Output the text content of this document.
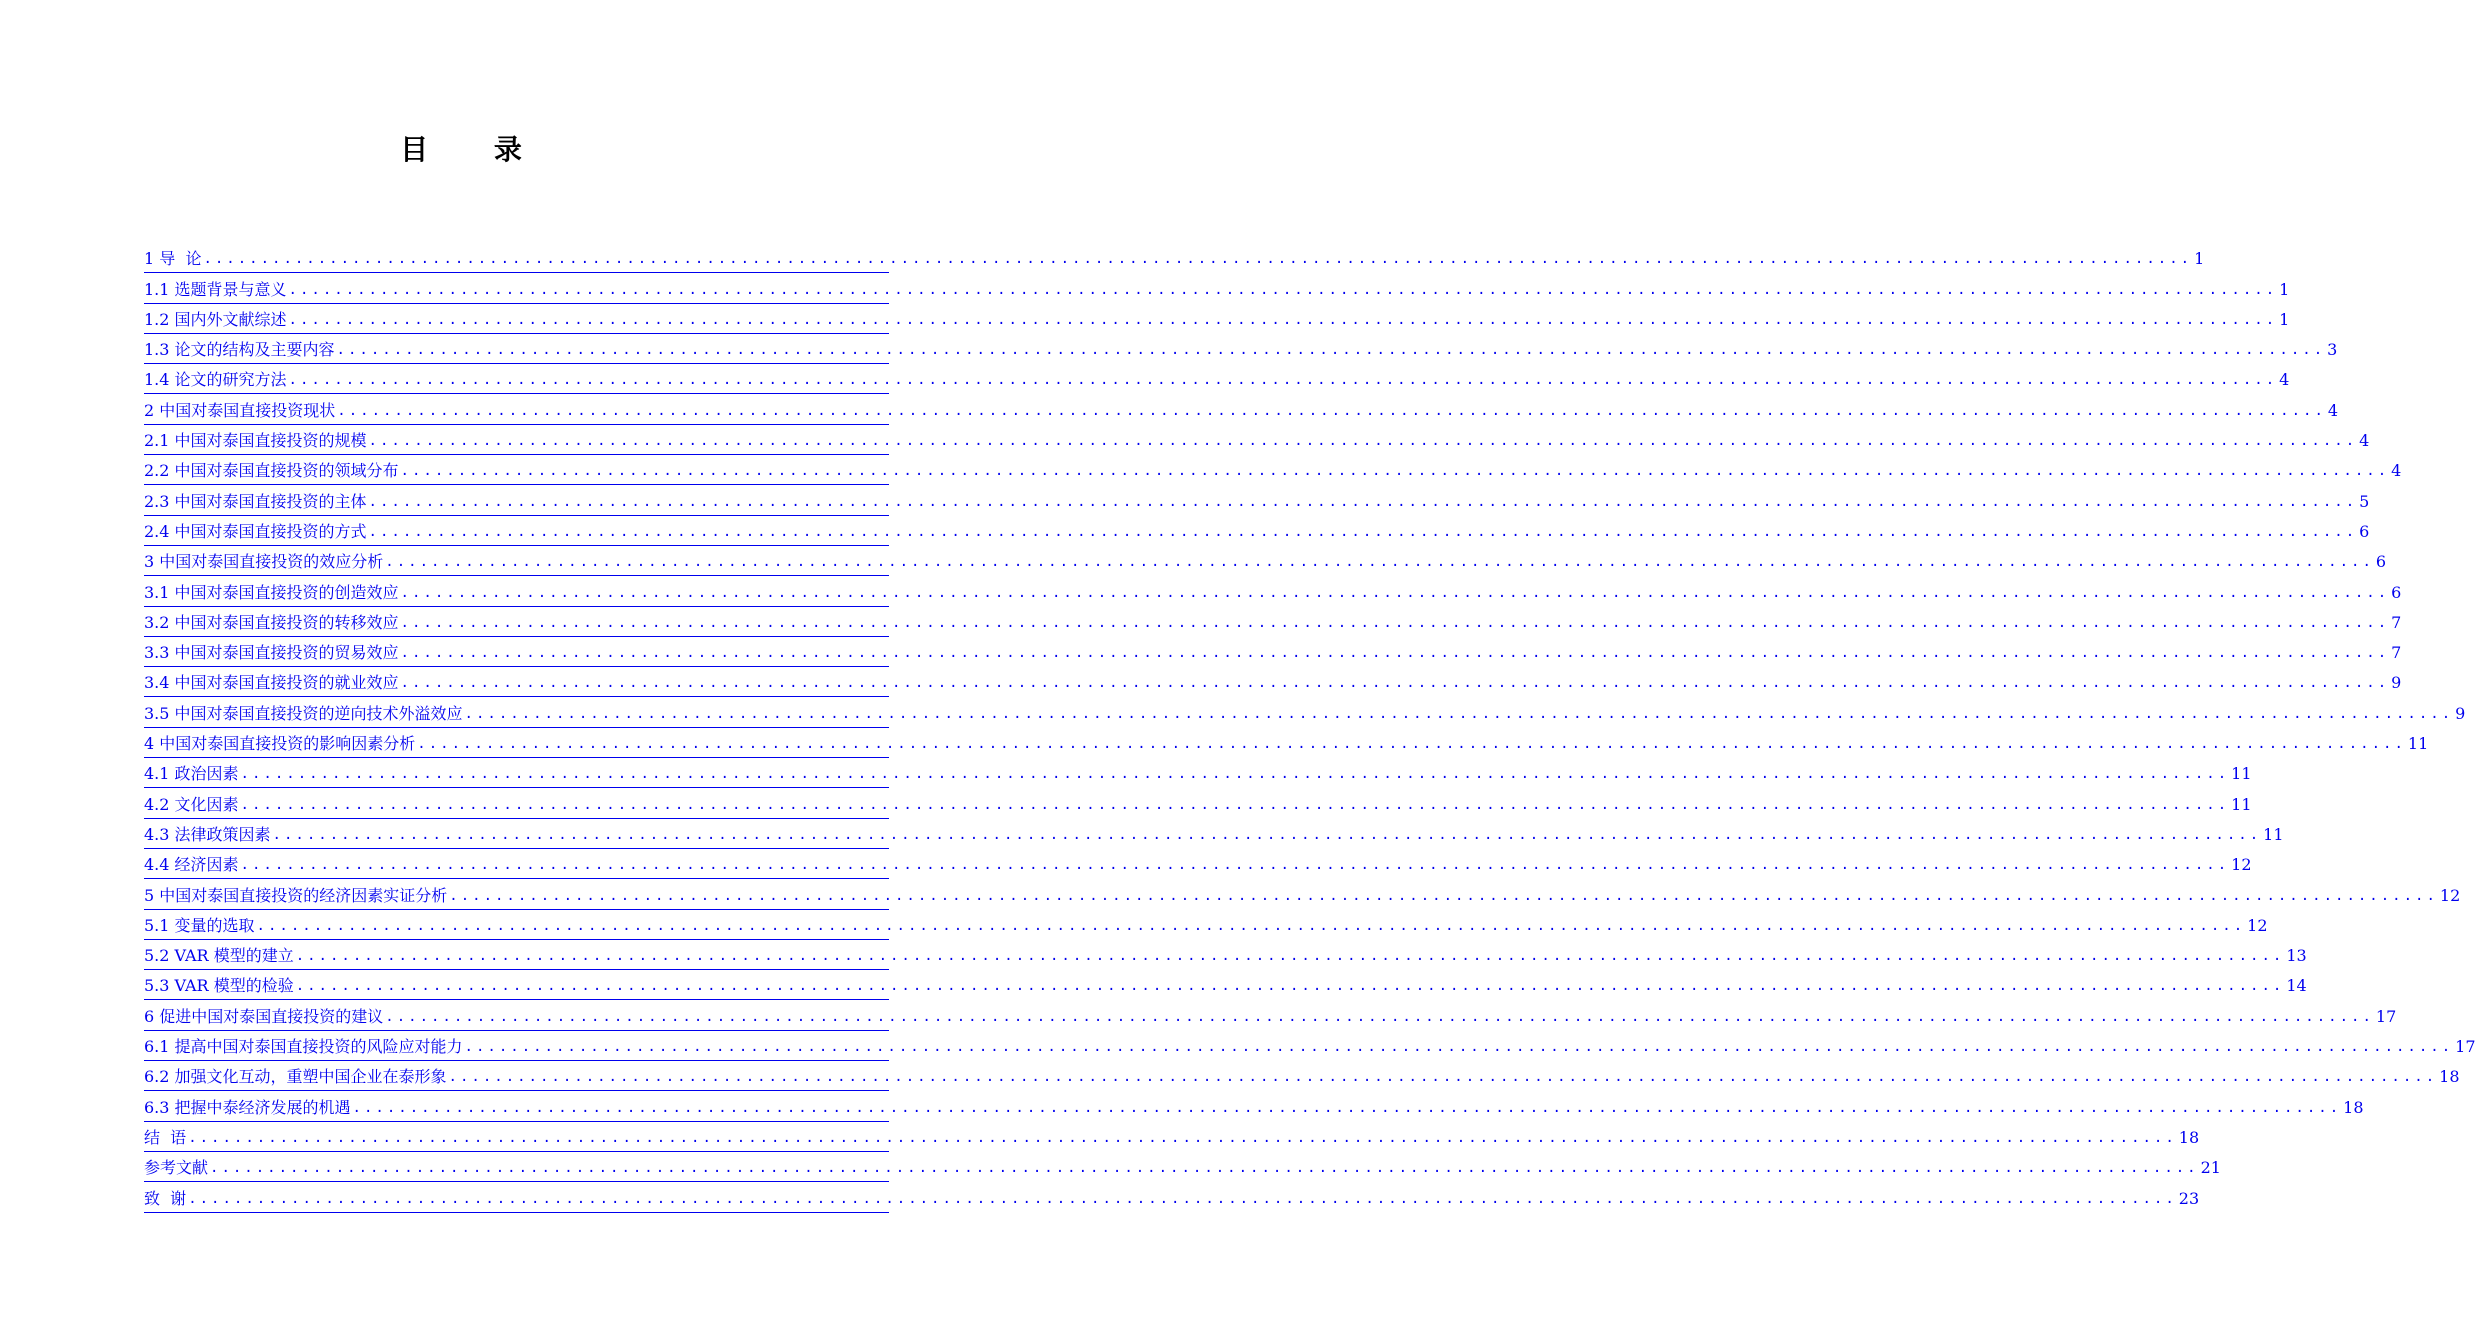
目 录
1 导  论 .............................................................................................................................................................................. 1
1.1 选题背景与意义 .............................................................................................................................................................................. 1
1.2 国内外文献综述 .............................................................................................................................................................................. 1
1.3 论文的结构及主要内容 .............................................................................................................................................................................. 3
1.4 论文的研究方法 .............................................................................................................................................................................. 4
2 中国对泰国直接投资现状 .............................................................................................................................................................................. 4
2.1 中国对泰国直接投资的规模 .............................................................................................................................................................................. 4
2.2 中国对泰国直接投资的领域分布 .............................................................................................................................................................................. 4
2.3 中国对泰国直接投资的主体 .............................................................................................................................................................................. 5
2.4 中国对泰国直接投资的方式 .............................................................................................................................................................................. 6
3 中国对泰国直接投资的效应分析 .............................................................................................................................................................................. 6
3.1 中国对泰国直接投资的创造效应 .............................................................................................................................................................................. 6
3.2 中国对泰国直接投资的转移效应 .............................................................................................................................................................................. 7
3.3 中国对泰国直接投资的贸易效应 .............................................................................................................................................................................. 7
3.4 中国对泰国直接投资的就业效应 .............................................................................................................................................................................. 9
3.5 中国对泰国直接投资的逆向技术外溢效应 .............................................................................................................................................................................. 9
4 中国对泰国直接投资的影响因素分析 .............................................................................................................................................................................. 11
4.1 政治因素 .............................................................................................................................................................................. 11
4.2 文化因素 .............................................................................................................................................................................. 11
4.3 法律政策因素 .............................................................................................................................................................................. 11
4.4 经济因素 .............................................................................................................................................................................. 12
5 中国对泰国直接投资的经济因素实证分析 .............................................................................................................................................................................. 12
5.1 变量的选取 .............................................................................................................................................................................. 12
5.2 VAR 模型的建立 .............................................................................................................................................................................. 13
5.3 VAR 模型的检验 .............................................................................................................................................................................. 14
6 促进中国对泰国直接投资的建议 .............................................................................................................................................................................. 17
6.1 提高中国对泰国直接投资的风险应对能力 .............................................................................................................................................................................. 17
6.2 加强文化互动，重塑中国企业在泰形象 .............................................................................................................................................................................. 18
6.3 把握中泰经济发展的机遇 .............................................................................................................................................................................. 18
结  语 .............................................................................................................................................................................. 18
参考文献 .............................................................................................................................................................................. 21
致  谢 .............................................................................................................................................................................. 23
